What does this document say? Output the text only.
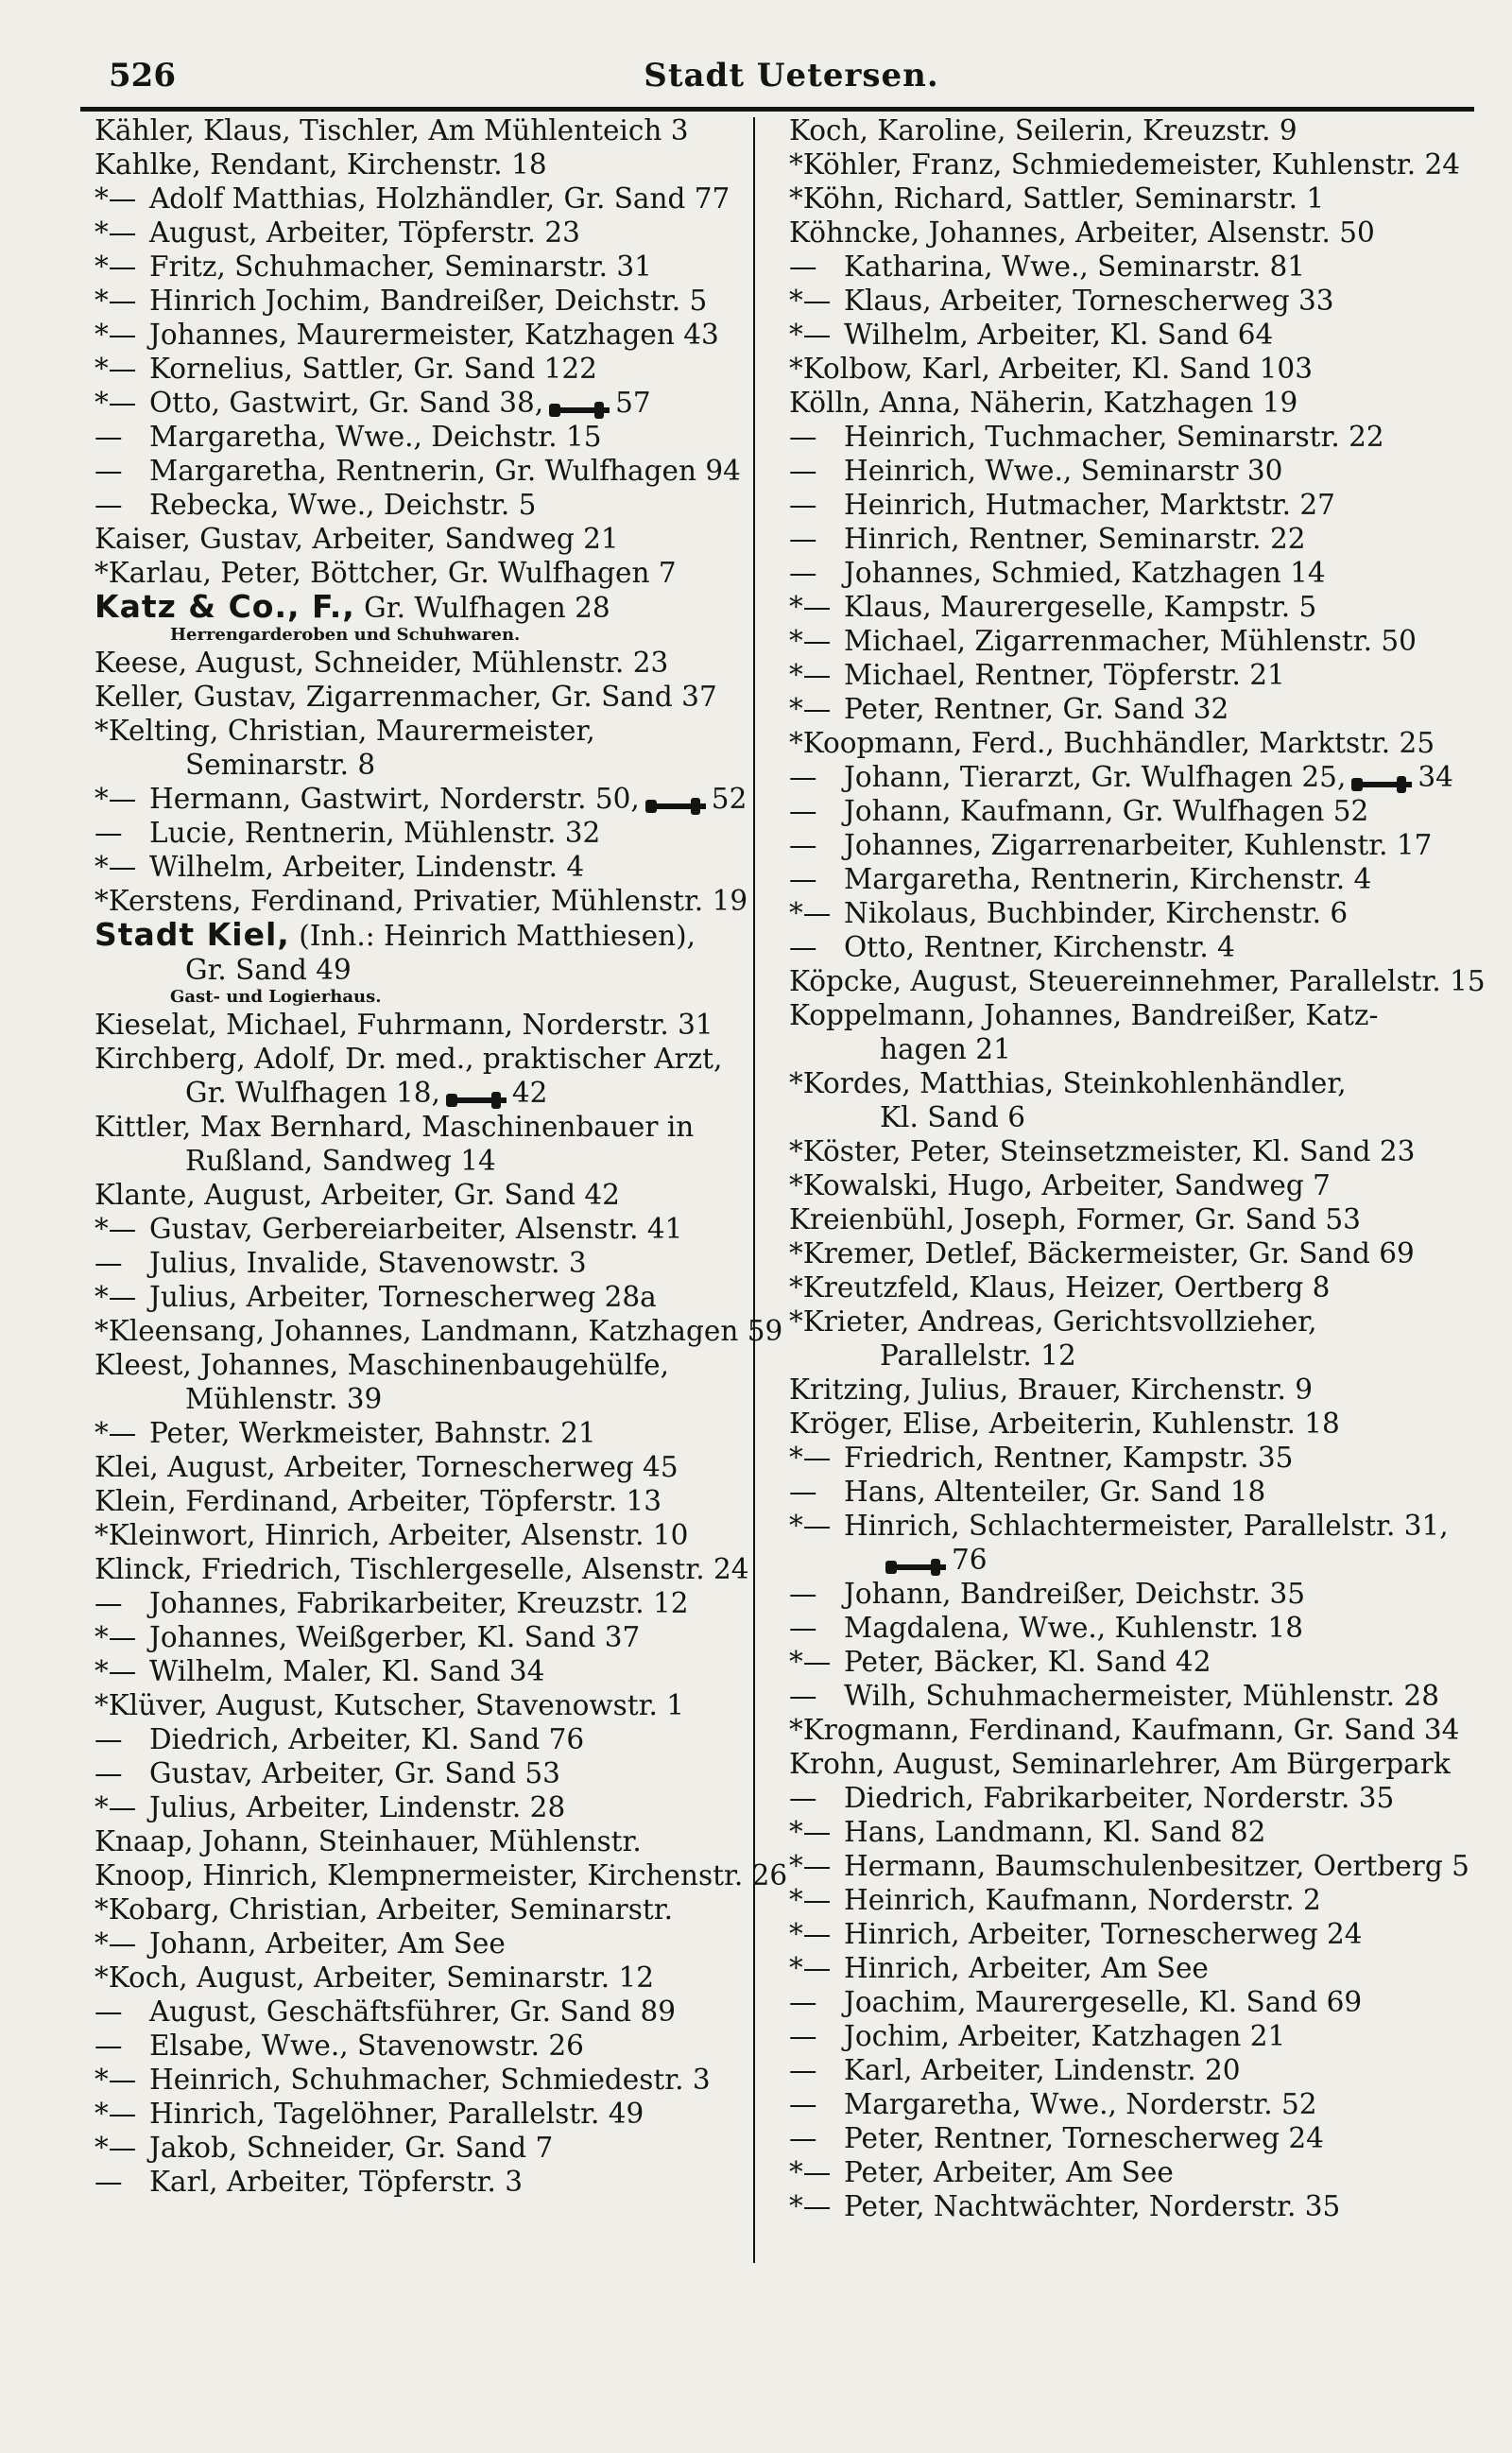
526	Stadt Uetersen.
Kähler, Klaus, Tischler, Am Mühlenteich 3
Kahlke, Rendant, Kirchenstr. 18
*— Adolf Matthias, Holzhändler, Gr. Sand 77
*— August, Arbeiter, Töpferstr. 23
*— Fritz, Schuhmacher, Seminarstr. 31
*— Hinrich Jochim, Bandreißer, Deichstr. 5
*— Johannes, Maurermeister, Katzhagen 43
*— Kornelius, Sattler, Gr. Sand 122
*— Otto, Gastwirt, Gr. Sand 38,	57
— Margaretha, Wwe., Deichstr. 15
— Margaretha, Rentnerin, Gr. Wulfhagen 94
— Rebecka, Wwe., Deichstr. 5
Kaiser, Gustav, Arbeiter, Sandweg 21
*Karlau, Peter, Böttcher, Gr. Wulfhagen 7
Katz & Co., F., Gr. Wulfhagen 28
Herrengarderoben und Schuhwaren.
Keese, August, Schneider, Mühlenstr. 23
Keller, Gustav, Zigarrenmacher, Gr. Sand 37
*Kelting, Christian, Maurermeister,
Seminarstr. 8
*— Hermann, Gastwirt, Norderstr. 50,	52
— Lucie, Rentnerin, Mühlenstr. 32
*— Wilhelm, Arbeiter, Lindenstr. 4
*Kerstens, Ferdinand, Privatier, Mühlenstr. 19
Stadt Kiel, (Inh.: Heinrich Matthiesen),
Gr. Sand 49
Gast- und Logierhaus.
Kieselat, Michael, Fuhrmann, Norderstr. 31
Kirchberg, Adolf, Dr. med., praktischer Arzt,
Gr. Wulfhagen 18,	42
Kittler, Max Bernhard, Maschinenbauer in
Rußland, Sandweg 14
Klante, August, Arbeiter, Gr. Sand 42
*— Gustav, Gerbereiarbeiter, Alsenstr. 41
— Julius, Invalide, Stavenowstr. 3
*— Julius, Arbeiter, Tornescherweg 28a
*Kleensang, Johannes, Landmann, Katzhagen 59
Kleest, Johannes, Maschinenbaugehülfe,
Mühlenstr. 39
*— Peter, Werkmeister, Bahnstr. 21
Klei, August, Arbeiter, Tornescherweg 45
Klein, Ferdinand, Arbeiter, Töpferstr. 13
*Kleinwort, Hinrich, Arbeiter, Alsenstr. 10
Klinck, Friedrich, Tischlergeselle, Alsenstr. 24
— Johannes, Fabrikarbeiter, Kreuzstr. 12
*— Johannes, Weißgerber, Kl. Sand 37
*— Wilhelm, Maler, Kl. Sand 34
*Klüver, August, Kutscher, Stavenowstr. 1
— Diedrich, Arbeiter, Kl. Sand 76
— Gustav, Arbeiter, Gr. Sand 53
*— Julius, Arbeiter, Lindenstr. 28
Knaap, Johann, Steinhauer, Mühlenstr.
Knoop, Hinrich, Klempnermeister, Kirchenstr. 26
*Kobarg, Christian, Arbeiter, Seminarstr.
*— Johann, Arbeiter, Am See
*Koch, August, Arbeiter, Seminarstr. 12
— August, Geschäftsführer, Gr. Sand 89
— Elsabe, Wwe., Stavenowstr. 26
*— Heinrich, Schuhmacher, Schmiedestr. 3
*— Hinrich, Tagelöhner, Parallelstr. 49
*— Jakob, Schneider, Gr. Sand 7
— Karl, Arbeiter, Töpferstr. 3
Koch, Karoline, Seilerin, Kreuzstr. 9
*Köhler, Franz, Schmiedemeister, Kuhlenstr. 24
*Köhn, Richard, Sattler, Seminarstr. 1
Köhncke, Johannes, Arbeiter, Alsenstr. 50
— Katharina, Wwe., Seminarstr. 81
*— Klaus, Arbeiter, Tornescherweg 33
*— Wilhelm, Arbeiter, Kl. Sand 64
*Kolbow, Karl, Arbeiter, Kl. Sand 103
Kölln, Anna, Näherin, Katzhagen 19
— Heinrich, Tuchmacher, Seminarstr. 22
— Heinrich, Wwe., Seminarstr 30
— Heinrich, Hutmacher, Marktstr. 27
— Hinrich, Rentner, Seminarstr. 22
— Johannes, Schmied, Katzhagen 14
*— Klaus, Maurergeselle, Kampstr. 5
*— Michael, Zigarrenmacher, Mühlenstr. 50
*— Michael, Rentner, Töpferstr. 21
*— Peter, Rentner, Gr. Sand 32
*Koopmann, Ferd., Buchhändler, Marktstr. 25
— Johann, Tierarzt, Gr. Wulfhagen 25,	34
— Johann, Kaufmann, Gr. Wulfhagen 52
— Johannes, Zigarrenarbeiter, Kuhlenstr. 17
— Margaretha, Rentnerin, Kirchenstr. 4
*— Nikolaus, Buchbinder, Kirchenstr. 6
— Otto, Rentner, Kirchenstr. 4
Köpcke, August, Steuereinnehmer, Parallelstr. 15
Koppelmann, Johannes, Bandreißer, Katz-
hagen 21
*Kordes, Matthias, Steinkohlenhändler,
Kl. Sand 6
*Köster, Peter, Steinsetzmeister, Kl. Sand 23
*Kowalski, Hugo, Arbeiter, Sandweg 7
Kreienbühl, Joseph, Former, Gr. Sand 53
*Kremer, Detlef, Bäckermeister, Gr. Sand 69
*Kreutzfeld, Klaus, Heizer, Oertberg 8
*Krieter, Andreas, Gerichtsvollzieher,
Parallelstr. 12
Kritzing, Julius, Brauer, Kirchenstr. 9
Kröger, Elise, Arbeiterin, Kuhlenstr. 18
*— Friedrich, Rentner, Kampstr. 35
— Hans, Altenteiler, Gr. Sand 18
*— Hinrich, Schlachtermeister, Parallelstr. 31,
76
— Johann, Bandreißer, Deichstr. 35
— Magdalena, Wwe., Kuhlenstr. 18
*— Peter, Bäcker, Kl. Sand 42
— Wilh, Schuhmachermeister, Mühlenstr. 28
*Krogmann, Ferdinand, Kaufmann, Gr. Sand 34
Krohn, August, Seminarlehrer, Am Bürgerpark
— Diedrich, Fabrikarbeiter, Norderstr. 35
*— Hans, Landmann, Kl. Sand 82
*— Hermann, Baumschulenbesitzer, Oertberg 5
*— Heinrich, Kaufmann, Norderstr. 2
*— Hinrich, Arbeiter, Tornescherweg 24
*— Hinrich, Arbeiter, Am See
— Joachim, Maurergeselle, Kl. Sand 69
— Jochim, Arbeiter, Katzhagen 21
— Karl, Arbeiter, Lindenstr. 20
— Margaretha, Wwe., Norderstr. 52
— Peter, Rentner, Tornescherweg 24
*— Peter, Arbeiter, Am See
*— Peter, Nachtwächter, Norderstr. 35
